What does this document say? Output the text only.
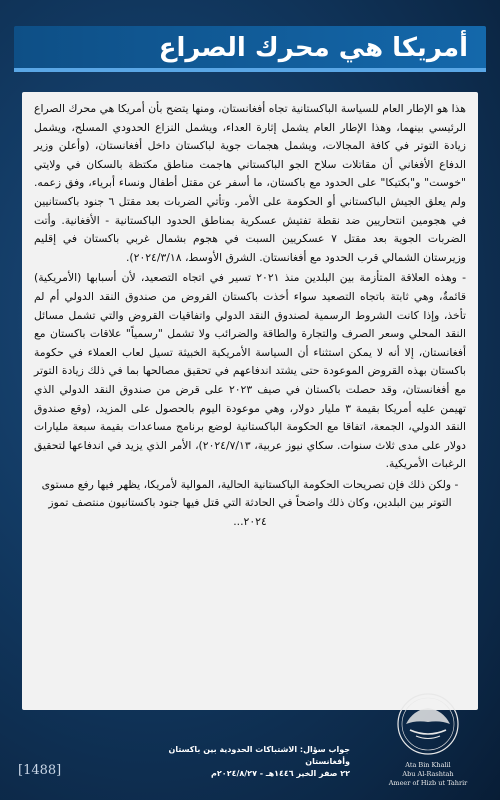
أمريكا هي محرك الصراع

هذا هو الإطار العام للسياسة الباكستانية تجاه أفغانستان، ومنها يتضح بأن أمريكا هي محرك الصراع الرئيسي بينهما، وهذا الإطار العام يشمل إثارة العداء، ويشمل النزاع الحدودي المسلح، ويشمل زيادة التوتر في كافة المجالات، ويشمل هجمات جوية لباكستان داخل أفغانستان، (وأعلن وزير الدفاع الأفغاني أن مقاتلات سلاح الجو الباكستاني هاجمت مناطق مكتظة بالسكان في ولايتي "خوست" و"بكتيكا" على الحدود مع باكستان، ما أسفر عن مقتل أطفال ونساء أبرياء، وفق زعمه. ولم يعلق الجيش الباكستاني أو الحكومة على الأمر. وتأتي الضربات بعد مقتل ٦ جنود باكستانيين في هجومين انتحاريين ضد نقطة تفتيش عسكرية بمناطق الحدود الباكستانية - الأفغانية. وأتت الضربات الجوية بعد مقتل ٧ عسكريين السبت في هجوم بشمال غربي باكستان في إقليم وزيرستان الشمالي قرب الحدود مع أفغانستان. الشرق الأوسط، ٢٠٢٤/٣/١٨).

- وهذه العلاقة المتأزمة بين البلدين منذ ٢٠٢١ تسير في اتجاه التصعيد، لأن أسبابها (الأمريكية) قائمةٌ، وهي ثابتة باتجاه التصعيد سواء أخذت باكستان القروض من صندوق النقد الدولي أم لم تأخذ، وإذا كانت الشروط الرسمية لصندوق النقد الدولي واتفاقيات القروض والتي تشمل مسائل النقد المحلي وسعر الصرف والتجارة والطاقة والضرائب ولا تشمل "رسمياً" علاقات باكستان مع أفغانستان، إلا أنه لا يمكن استثناء أن السياسة الأمريكية الخبيثة تسيل لعاب العملاء في حكومة باكستان بهذه القروض الموعودة حتى يشتد اندفاعهم في تحقيق مصالحها بما في ذلك زيادة التوتر مع أفغانستان، وقد حصلت باكستان في صيف ٢٠٢٣ على قرض من صندوق النقد الدولي الذي تهيمن عليه أمريكا بقيمة ٣ مليار دولار، وهي موعودة اليوم بالحصول على المزيد، (وقع صندوق النقد الدولي، الجمعة، اتفاقا مع الحكومة الباكستانية لوضع برنامج مساعدات بقيمة سبعة مليارات دولار على مدى ثلاث سنوات. سكاي نيوز عربية، ٢٠٢٤/٧/١٣)، الأمر الذي يزيد في اندفاعها لتحقيق الرغبات الأمريكية.

- ولكن ذلك فإن تصريحات الحكومة الباكستانية الحالية، الموالية لأمريكا، يظهر فيها رفع مستوى التوتر بين البلدين، وكان ذلك واضحاً في الحادثة التي قتل فيها جنود باكستانيون منتصف تموز ٢٠٢٤...

[1488]
جواب سؤال: الاشتباكات الحدودية بين باكستان وأفغانستان
٢٢ صفر الخير ١٤٤٦هـ - ٢٠٢٤/٨/٢٧م
Ata Bin Khalil
Abu Al-Rashtah
Ameer of Hizb ut Tahrir
